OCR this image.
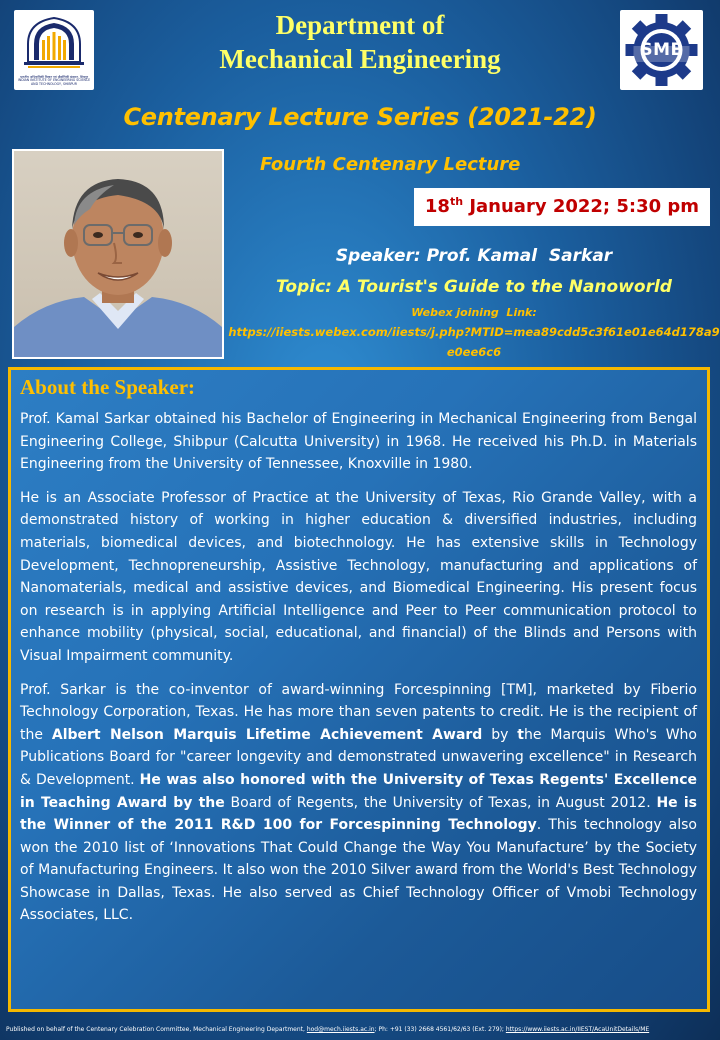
भारतीय अभियांत्रिकी विज्ञान एवं प्रौद्योगिकी संस्थान, शिबपुर
INDIAN INSTITUTE OF ENGINEERING SCIENCE AND TECHNOLOGY, SHIBPUR
SME
Department of
Mechanical Engineering
Centenary Lecture Series (2021-22)
Fourth Centenary Lecture
18th January 2022; 5:30 pm

Speaker: Prof. Kamal  Sarkar

Topic: A Tourist's Guide to the Nanoworld

Webex joining  Link:
https://iiests.webex.com/iiests/j.php?MTID=mea89cdd5c3f61e01e64d178a9e0ee6c6
About the Speaker:

Prof. Kamal Sarkar obtained his Bachelor of Engineering in Mechanical Engineering from Bengal Engineering College, Shibpur (Calcutta University) in 1968. He received his Ph.D. in Materials Engineering from the University of Tennessee, Knoxville in 1980.

He is an Associate Professor of Practice at the University of Texas, Rio Grande Valley, with a demonstrated history of working in higher education & diversified industries, including materials, biomedical devices, and biotechnology. He has extensive skills in Technology Development, Technopreneurship, Assistive Technology, manufacturing and applications of Nanomaterials, medical and assistive devices, and Biomedical Engineering. His present focus on research is in applying Artificial Intelligence and Peer to Peer communication protocol to enhance mobility (physical, social, educational, and financial) of the Blinds and Persons with Visual Impairment community.

Prof. Sarkar is the co-inventor of award-winning Forcespinning [TM], marketed by Fiberio Technology Corporation, Texas. He has more than seven patents to credit. He is the recipient of the Albert Nelson Marquis Lifetime Achievement Award by the Marquis Who's Who Publications Board for "career longevity and demonstrated unwavering excellence" in Research & Development. He was also honored with the University of Texas Regents' Excellence in Teaching Award by the Board of Regents, the University of Texas, in August 2012. He is the Winner of the 2011 R&D 100 for Forcespinning Technology. This technology also won the 2010 list of ‘Innovations That Could Change the Way You Manufacture’ by the Society of Manufacturing Engineers. It also won the 2010 Silver award from the World's Best Technology Showcase in Dallas, Texas. He also served as Chief Technology Officer of Vmobi Technology Associates, LLC.

Published on behalf of the Centenary Celebration Committee, Mechanical Engineering Department, hod@mech.iiests.ac.in; Ph: +91 (33) 2668 4561/62/63 (Ext. 279); https://www.iiests.ac.in/IIEST/AcaUnitDetails/ME
